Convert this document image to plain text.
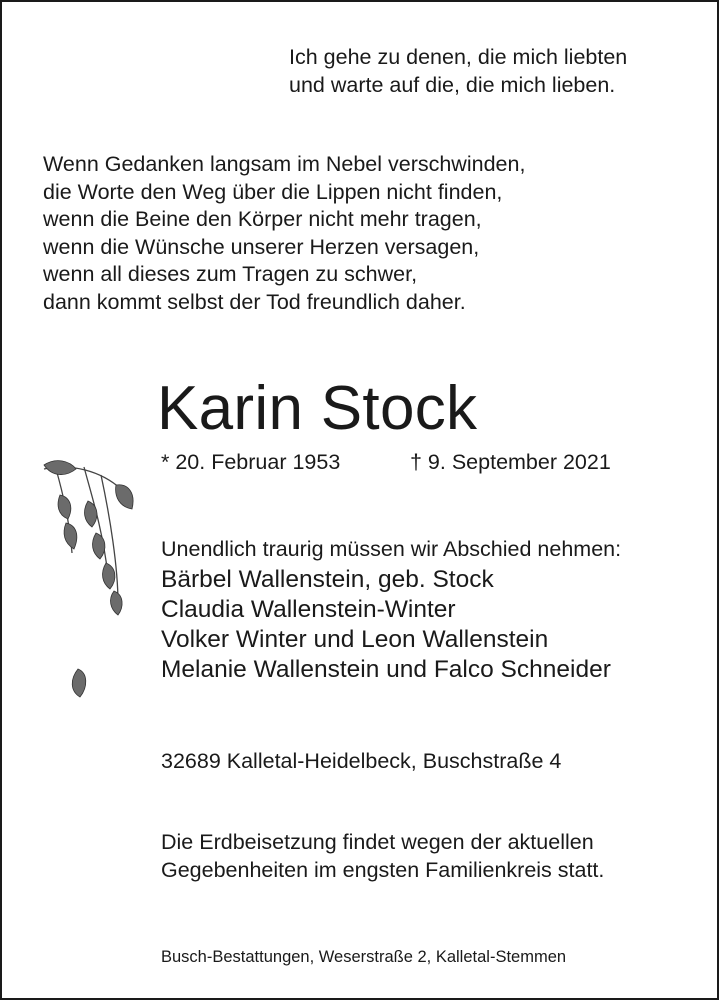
Ich gehe zu denen, die mich liebten
und warte auf die, die mich lieben.
Wenn Gedanken langsam im Nebel verschwinden,
die Worte den Weg über die Lippen nicht finden,
wenn die Beine den Körper nicht mehr tragen,
wenn die Wünsche unserer Herzen versagen,
wenn all dieses zum Tragen zu schwer,
dann kommt selbst der Tod freundlich daher.
Karin Stock
* 20. Februar 1953	† 9. September 2021
Unendlich traurig müssen wir Abschied nehmen:
Bärbel Wallenstein, geb. Stock
Claudia Wallenstein-Winter
Volker Winter und Leon Wallenstein
Melanie Wallenstein und Falco Schneider
32689 Kalletal-Heidelbeck, Buschstraße 4
Die Erdbeisetzung findet wegen der aktuellen
Gegebenheiten im engsten Familienkreis statt.
Busch-Bestattungen, Weserstraße 2, Kalletal-Stemmen
